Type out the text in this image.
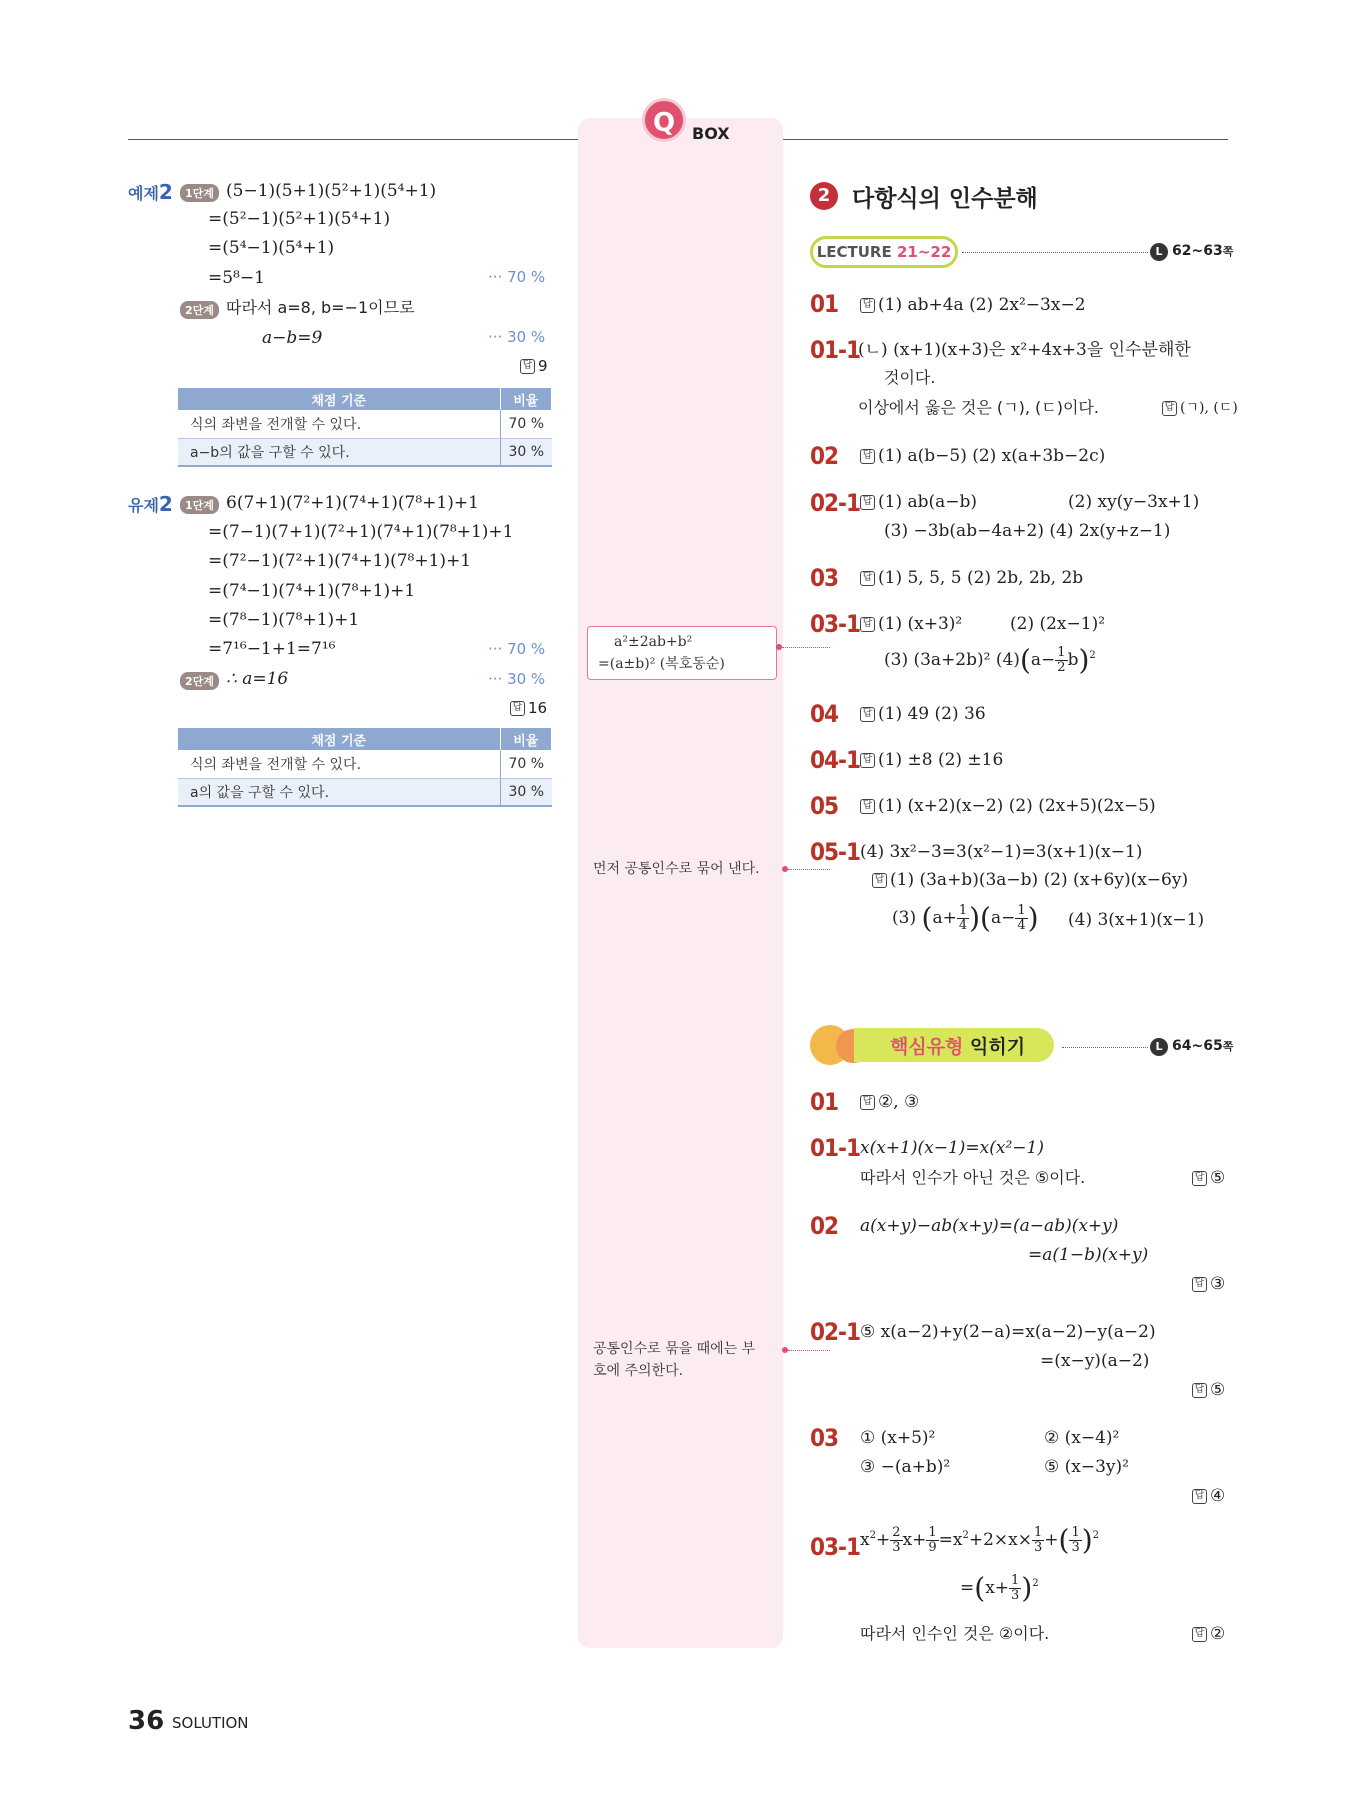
Q	BOX
a²±2ab+b²
=(a±b)² (복호동순)
먼저 공통인수로 묶어 낸다.
공통인수로 묶을 때에는 부
호에 주의한다.
예제2	1단계 (5−1)(5+1)(5²+1)(5⁴+1)
=(5²−1)(5²+1)(5⁴+1)
=(5⁴−1)(5⁴+1)
=5⁸−1	··· 70 %
2단계 따라서 a=8, b=−1이므로
a−b=9	··· 30 %
답 9
채점 기준	비율
식의 좌변을 전개할 수 있다.	70 %
a−b의 값을 구할 수 있다.	30 %
유제2	1단계 6(7+1)(7²+1)(7⁴+1)(7⁸+1)+1
=(7−1)(7+1)(7²+1)(7⁴+1)(7⁸+1)+1
=(7²−1)(7²+1)(7⁴+1)(7⁸+1)+1
=(7⁴−1)(7⁴+1)(7⁸+1)+1
=(7⁸−1)(7⁸+1)+1
=7¹⁶−1+1=7¹⁶	··· 70 %
2단계 ∴ a=16	··· 30 %
답 16
채점 기준	비율
식의 좌변을 전개할 수 있다.	70 %
a의 값을 구할 수 있다.	30 %
2 다항식의 인수분해
LECTURE 21~22	L 62~63쪽
01 답 (1) ab+4a (2) 2x²−3x−2
01-1
(ㄴ) (x+1)(x+3)은 x²+4x+3을 인수분해한
것이다.
이상에서 옳은 것은 (ㄱ), (ㄷ)이다.	답 (ㄱ), (ㄷ)
02 답 (1) a(b−5) (2) x(a+3b−2c)
02-1 답 (1) ab(a−b)	(2) xy(y−3x+1)
(3) −3b(ab−4a+2) (4) 2x(y+z−1)
03 답 (1) 5, 5, 5 (2) 2b, 2b, 2b
03-1 답 (1) (x+3)²	(2) (2x−1)²
(3) (3a+2b)² $(4)(a- \frac{1}{2} b)^2$
04 답 (1) 49 (2) 36
04-1 답 (1) ±8 (2) ±16
05 답 (1) (x+2)(x−2) (2) (2x+5)(2x−5)
05-1 (4) 3x²−3=3(x²−1)=3(x+1)(x−1)
답 (1) (3a+b)(3a−b) (2) (x+6y)(x−6y)
(3) $(a+ \frac{1}{4} )(a- \frac{1}{4}$ ) (4) 3(x+1)(x−1)
핵심유형 익히기	L 64~65쪽
01 답 ②, ③
01-1 x(x+1)(x−1)=x(x²−1)
따라서 인수가 아닌 것은 ⑤이다.	답 ⑤
02 a(x+y)−ab(x+y)=(a−ab)(x+y)
=a(1−b)(x+y)
답 ③
02-1 ⑤ x(a−2)+y(2−a)=x(a−2)−y(a−2)
=(x−y)(a−2)
답 ⑤
03 ① (x+5)²	② (x−4)²
③ −(a+b)²	⑤ (x−3y)²
답 ④
03-1 $x^2+ \frac{2}{3} x+ \frac{1}{9} =x^2+2\times x\times \frac{1}{3}$ +( $\frac{1}{3} )^2$
$=(x+ \frac{1}{3} )^2$
따라서 인수인 것은 ②이다.	답 ②
36 SOLUTION
